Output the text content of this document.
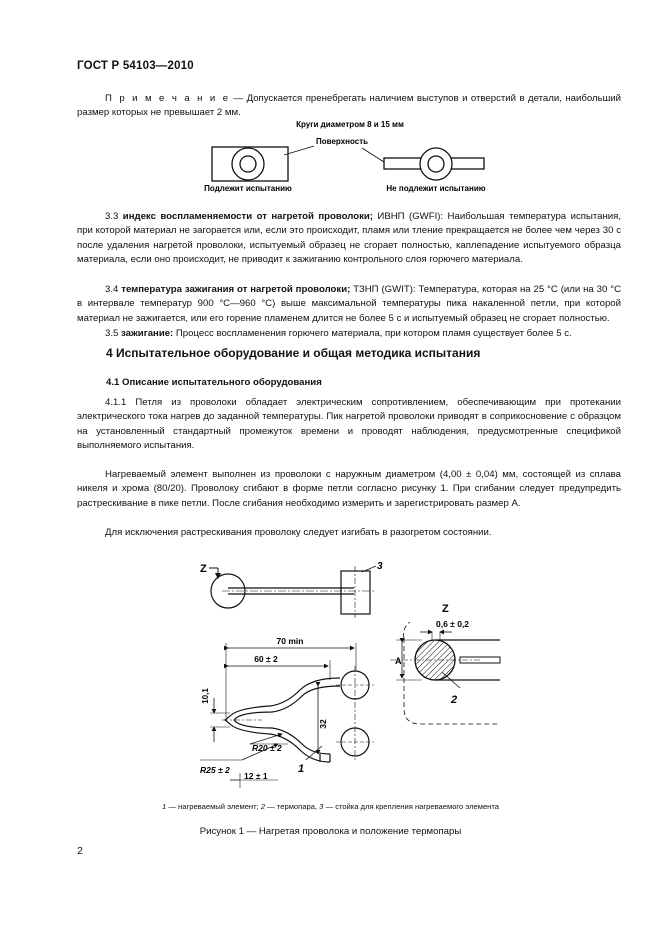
ГОСТ Р 54103—2010
П р и м е ч а н и е — Допускается пренебрегать наличием выступов и отверстий в детали, наибольший размер которых не превышает 2 мм.
Круги диаметром 8 и 15 мм
Поверхность
Подлежит испытанию	Не подлежит испытанию
3.3 индекс воспламеняемости от нагретой проволоки; ИВНП (GWFI): Наибольшая температура испытания, при которой материал не загорается или, если это происходит, пламя или тление прекращается не более чем через 30 с после удаления нагретой проволоки, испытуемый образец не сгорает полностью, каплепадение испытуемого образца материала, если оно происходит, не приводит к зажиганию контрольного слоя горючего материала.
3.4 температура зажигания от нагретой проволоки; ТЗНП (GWIT): Температура, которая на 25 °С (или на 30 °С в интервале температур 900 °С—960 °С) выше максимальной температуры пика накаленной петли, при которой материал не зажигается, или его горение пламенем длится не более 5 с и испытуемый образец не сгорает полностью.
3.5 зажигание: Процесс воспламенения горючего материала, при котором пламя существует более 5 с.
4 Испытательное оборудование и общая методика испытания
4.1 Описание испытательного оборудования
4.1.1 Петля из проволоки обладает электрическим сопротивлением, обеспечивающим при протекании электрического тока нагрев до заданной температуры. Пик нагретой проволоки приводят в соприкосновение с образцом на установленный стандартный промежуток времени и проводят наблюдения, предусмотренные спецификой выполняемого испытания.
Нагреваемый элемент выполнен из проволоки с наружным диаметром (4,00 ± 0,04) мм, состоящей из сплава никеля и хрома (80/20). Проволоку сгибают в форме петли согласно рисунку 1. При сгибании следует предупредить растрескивание в пике петли. После сгибания необходимо измерить и зарегистрировать размер А.
Для исключения растрескивания проволоку следует изгибать в разогретом состоянии.
Z	3
70 min
60 ± 2
32
10,1
R20 ± 2
R25 ± 2
12 ± 1
1
Z
0,6 ± 0,2
A
2
1 — нагреваемый элемент; 2 — термопара, 3 — стойка для крепления нагреваемого элемента
Рисунок 1 — Нагретая проволока и положение термопары
2
